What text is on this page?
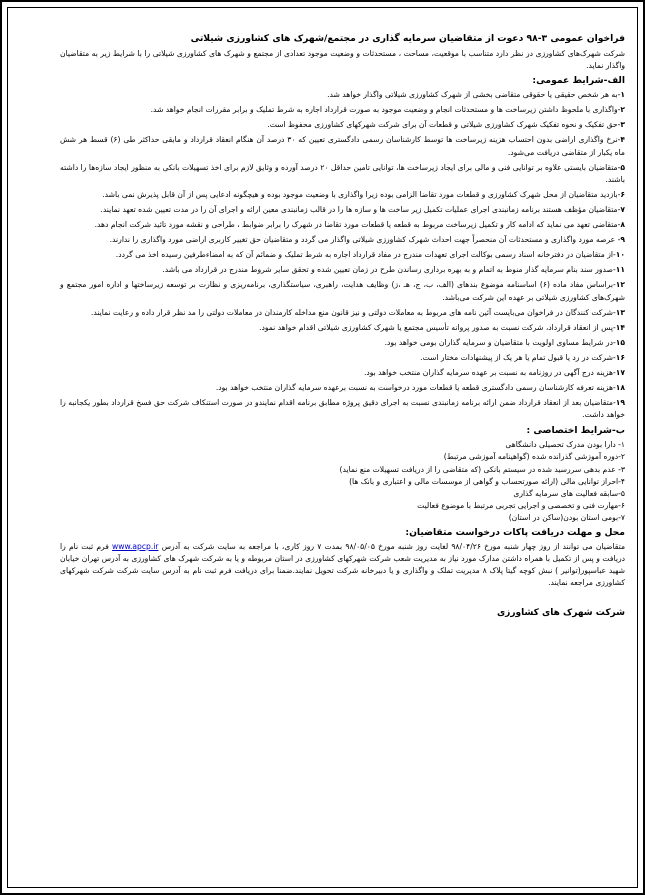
فراخوان عمومی ۳-۹۸ دعوت از متقاضیان سرمایه گذاری در مجتمع/شهرک های کشاورزی شیلاتی
شرکت شهرک‌های کشاورزی در نظر دارد متناسب با موقعیت، مساحت ، مستحدثات و وضعیت موجود تعدادی از مجتمع و شهرک های کشاورزی شیلاتی را با شرایط زیر به متقاضیان واگذار نماید.
الف-شرایط عمومی:
۱-به هر شخص حقیقی یا حقوقی متقاضی بخشی از شهرک کشاورزی شیلاتی واگذار خواهد شد.
۲-واگذاری با ملحوظ داشتن زیرساخت ها و مستحدثات انجام و وضعیت موجود به صورت قرارداد اجاره به شرط تملیک و برابر مقررات انجام خواهد شد.
۳-حق تفکیک و نحوه تفکیک شهرک کشاورزی شیلاتی و قطعات آن برای شرکت شهرکهای کشاورزی محفوظ است.
۴-نرخ واگذاری اراضی بدون احتساب هزینه زیرساخت ها توسط کارشناسان رسمی دادگستری تعیین که ۳۰ درصد آن هنگام انعقاد قرارداد و مابقی حداکثر طی (۶) قسط هر شش ماه یکبار از متقاضی دریافت می‌شود.
۵-متقاضیان بایستی علاوه بر توانایی فنی و مالی برای ایجاد زیرساخت ها، توانایی تامین حداقل ۲۰ درصد آورده و وثایق لازم برای اخذ تسهیلات بانکی به منظور ایجاد سازه‌ها را داشته باشند.
۶-بازدید متقاضیان از محل شهرک کشاورزی و قطعات مورد تقاضا الزامی بوده زیرا واگذاری با وضعیت موجود بوده و هیچگونه ادعایی پس از آن قابل پذیرش نمی باشد.
۷-متقاضیان مؤظف هستند برنامه زمانبندی اجرای عملیات تکمیل زیر ساخت ها و سازه ها را در قالب زمانبندی معین ارائه و اجرای آن را در مدت تعیین شده تعهد نمایند.
۸-متقاضی تعهد می نماید که ادامه کار و تکمیل زیرساخت مربوط به قطعه یا قطعات مورد تقاضا در شهرک را برابر ضوابط ، طراحی و نقشه مورد تائید شرکت انجام دهد.
۹- عرصه مورد واگذاری و مستحدثات آن منحصراً جهت احداث شهرک کشاورزی شیلاتی واگذار می گردد و متقاضیان حق تغییر کاربری اراضی مورد واگذاری را ندارند.
۱۰-از متقاضیان در دفترخانه اسناد رسمی بوکالت اجرای تعهدات مندرج در مفاد قرارداد اجاره به شرط تملیک و ضمائم آن که به امضاءطرفین رسیده اخذ می گردد.
۱۱-صدور سند بنام سرمایه گذار منوط به اتمام و به بهره برداری رساندن طرح در زمان تعیین شده و تحقق سایر شروط مندرج در قرارداد می باشد.
۱۲-براساس مفاد ماده (۶) اساسنامه موضوع بندهای (الف، ب، ج، هـ ،ز) وظایف هدایت، راهبری، سیاستگذاری، برنامه‌ریزی و نظارت بر توسعه زیرساختها و اداره امور مجتمع و شهرک‌های کشاورزی شیلاتی بر عهده این شرکت می‌باشد.
۱۳-شرکت کنندگان در فراخوان می‌بایست آئین نامه های مربوط به معاملات دولتی و نیز قانون منع مداخله کارمندان در معاملات دولتی را مد نظر قرار داده و رعایت نمایند.
۱۴-پس از انعقاد قرارداد، شرکت نسبت به صدور پروانه تأسیس مجتمع یا شهرک کشاورزی شیلاتی اقدام خواهد نمود.
۱۵-در شرایط مساوی اولویت با متقاضیان و سرمایه گذاران بومی خواهد بود.
۱۶-شرکت در رد یا قبول تمام یا هر یک از پیشنهادات مختار است.
۱۷-هزینه درج آگهی در روزنامه به نسبت بر عهده سرمایه گذاران منتخب خواهد بود.
۱۸-هزینه تعرفه کارشناسان رسمی دادگستری قطعه یا قطعات مورد درخواست به نسبت برعهده سرمایه گذاران منتخب خواهد بود.
۱۹-متقاضیان بعد از انعقاد قرارداد ضمن ارائه برنامه زمانبندی نسبت به اجرای دقیق پروژه مطابق برنامه اقدام نمایندو در صورت استنکاف شرکت حق فسخ قرارداد بطور یکجانبه را خواهد داشت.
ب-شرایط اختصاصی :
۱- دارا بودن مدرک تحصیلی دانشگاهی
۲-دوره آموزشی گذرانده شده (گواهینامه آموزشی مرتبط)
۳- عدم بدهی سررسید شده در سیستم بانکی (که متقاضی را از دریافت تسهیلات منع نماید)
۴-احراز توانایی مالی (ارائه صورتحساب و گواهی از موسسات مالی و اعتباری و بانک ها)
۵-سابقه فعالیت های سرمایه گذاری
۶-مهارت فنی و تخصصی و اجرایی تجربی مرتبط با موضوع فعالیت
۷-بومی استان بودن(ساکن در استان)
محل و مهلت دریافت پاکات درخواست متقاضیان:
متقاضیان می توانند از روز چهار شنبه مورخ ۹۸/۰۴/۲۶ لغایت روز شنبه مورخ ۹۸/۰۵/۰۵ بمدت ۷ روز کاری، با مراجعه به سایت شرکت به آدرس www.apcp.ir فرم ثبت نام را دریافت و پس از تکمیل با همراه داشتن مدارک مورد نیاز به مدیریت شعب شرکت شهرکهای کشاورزی در استان مربوطه و یا به شرکت شهرک های کشاورزی به آدرس تهران خیابان شهید عباسپور(توانیر ) نبش کوچه گیتا پلاک ۸ مدیریت تملک و واگذاری و یا دبیرخانه شرکت تحویل نمایند.ضمنا برای دریافت فرم ثبت نام به آدرس سایت شرکت شرکت شهرکهای کشاورزی مراجعه نمایند.
شرکت شهرک های کشاورزی
